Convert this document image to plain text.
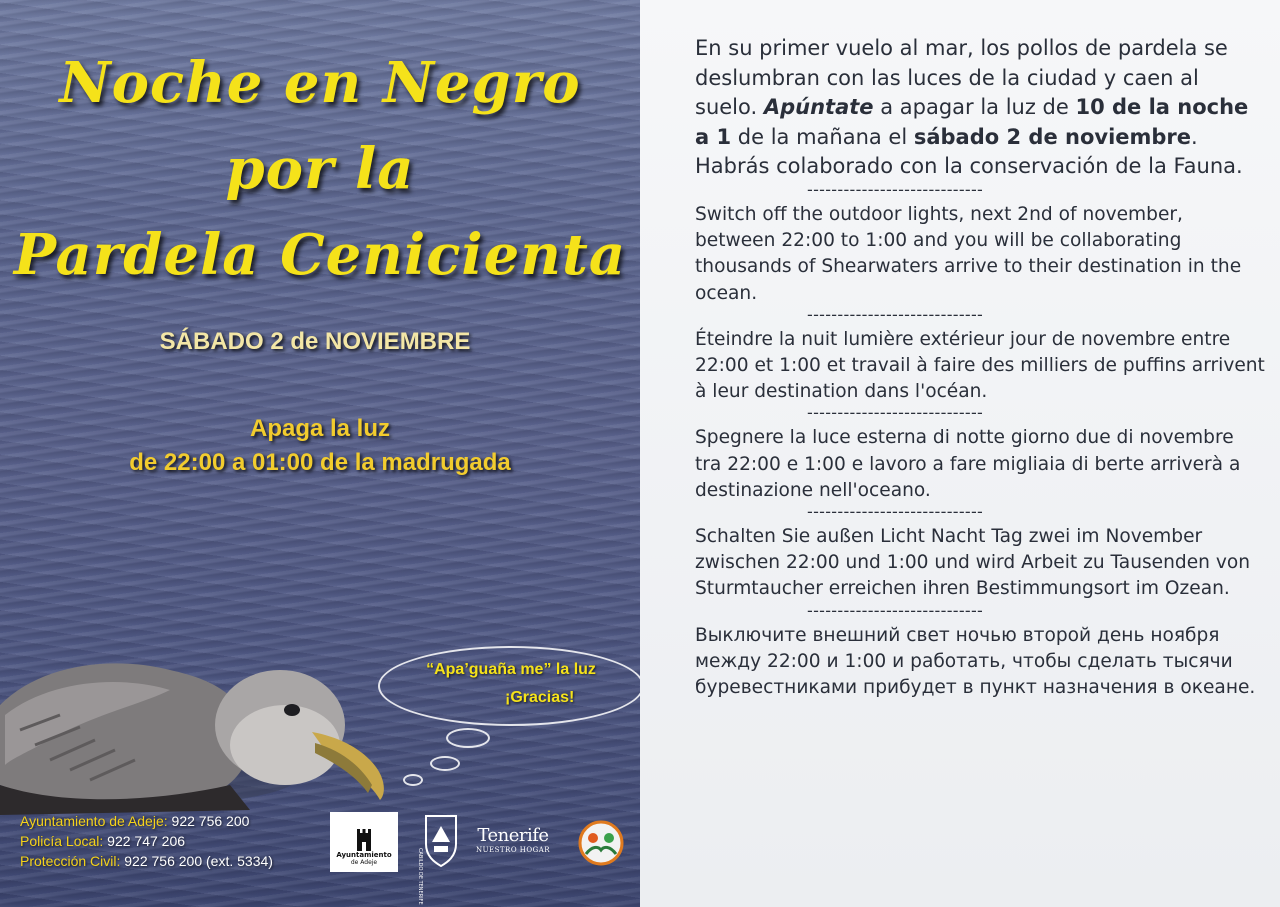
Noche en Negro
por la
Pardela Cenicienta
SÁBADO 2 de NOVIEMBRE
Apaga la luz
de 22:00 a 01:00 de la madrugada
“Apa’guaña me” la luz
¡Gracias!
Ayuntamiento de Adeje: 922 756 200
Policía Local: 922 747 206
Protección Civil: 922 756 200 (ext. 5334)	Ayuntamiento
de Adeje	CABILDO DE TENERIFE
Tenerife
NUESTRO HOGAR

En su primer vuelo al mar, los pollos de pardela se deslumbran con las luces de la ciudad y caen al suelo. Apúntate a apagar la luz de 10 de la noche a 1 de la mañana el sábado 2 de noviembre. Habrás colaborado con la conservación de la Fauna.

-----------------------------

Switch off the outdoor lights, next 2nd of november, between 22:00 to 1:00 and you will be collaborating thousands of Shearwaters arrive to their destination in the ocean.

-----------------------------

Éteindre la nuit lumière extérieur jour de novembre entre 22:00 et 1:00 et travail à faire des milliers de puffins arrivent à leur destination dans l'océan.

-----------------------------

Spegnere la luce esterna di notte giorno due di novembre tra 22:00 e 1:00 e lavoro a fare migliaia di berte arriverà a destinazione nell'oceano.

-----------------------------

Schalten Sie außen Licht Nacht Tag zwei im November zwischen 22:00 und 1:00 und wird Arbeit zu Tausenden von Sturmtaucher erreichen ihren Bestimmungsort im Ozean.

-----------------------------

Выключите внешний свет ночью второй день ноября между 22:00 и 1:00 и работать, чтобы сделать тысячи буревестниками прибудет в пункт назначения в океане.
